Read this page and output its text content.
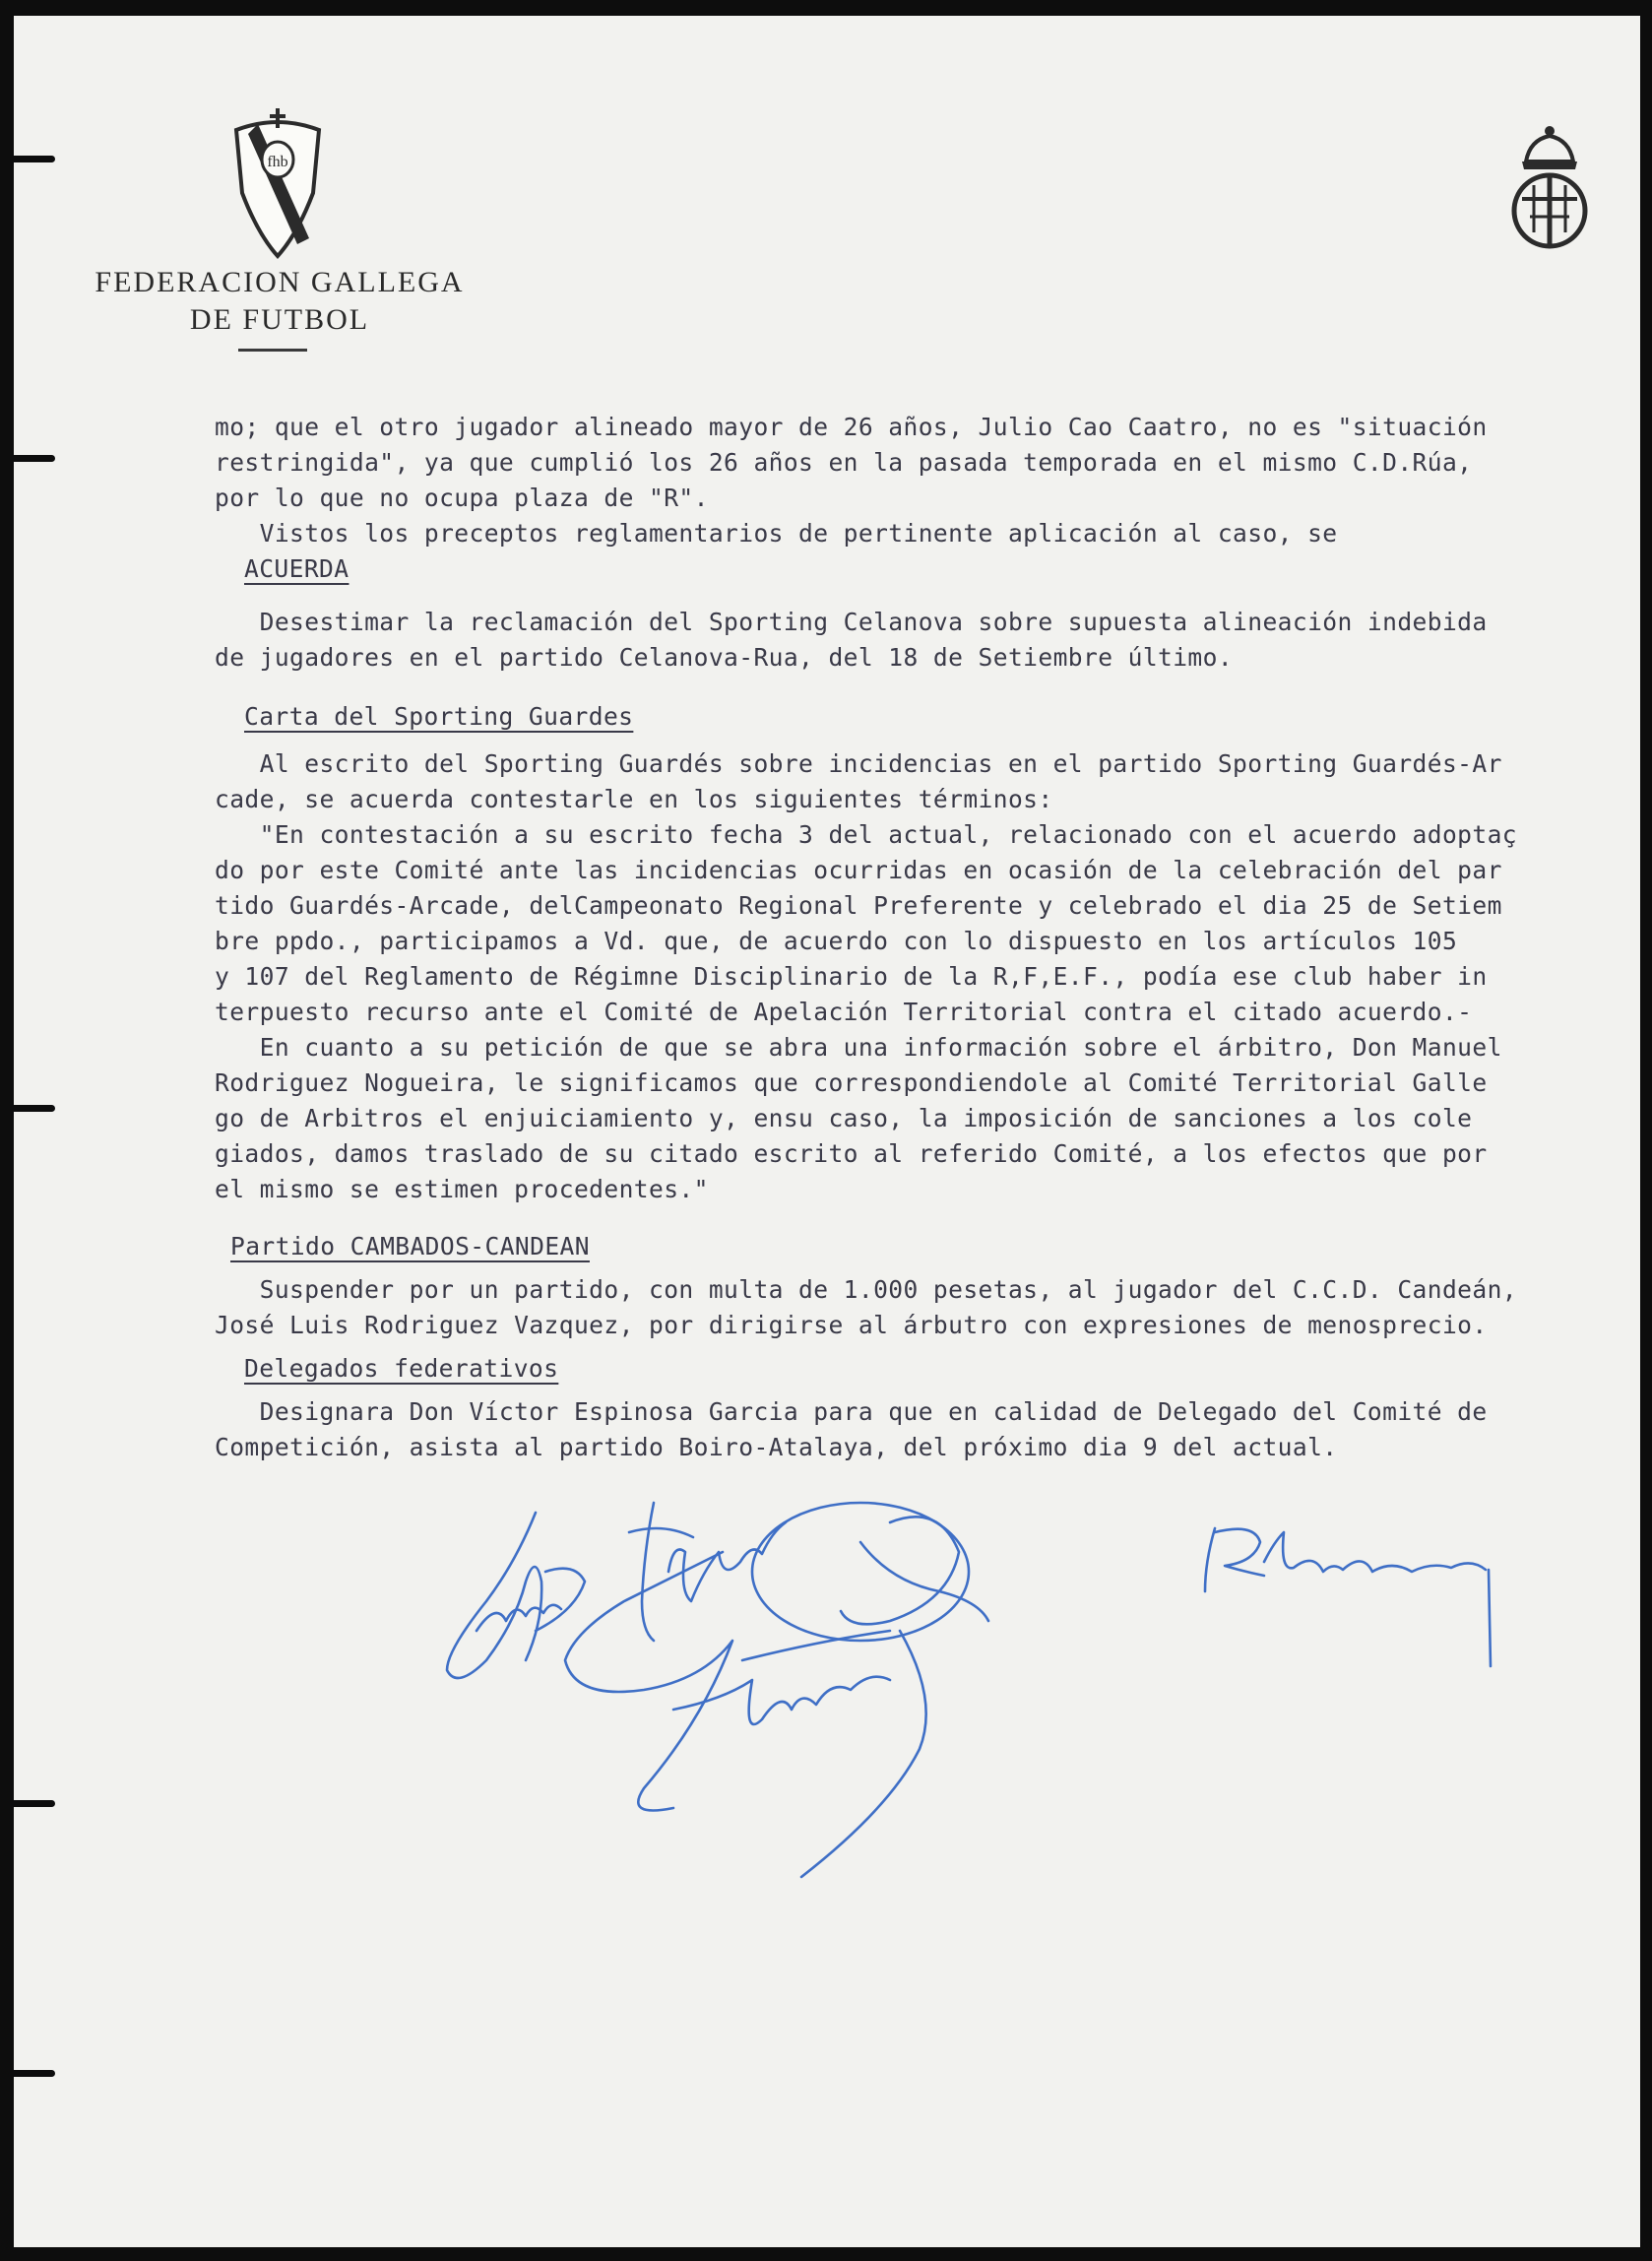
fhb
FEDERACION GALLEGA
DE FUTBOL
mo; que el otro jugador alineado mayor de 26 años, Julio Cao Caatro, no es "situación
restringida", ya que cumplió los 26 años en la pasada temporada en el mismo C.D.Rúa,
por lo que no ocupa plaza de "R".
Vistos los preceptos reglamentarios de pertinente aplicación al caso, se
ACUERDA
Desestimar la reclamación del Sporting Celanova sobre supuesta alineación indebida
de jugadores en el partido Celanova-Rua, del 18 de Setiembre último.
Carta del Sporting Guardes
Al escrito del Sporting Guardés sobre incidencias en el partido Sporting Guardés-Ar
cade, se acuerda contestarle en los siguientes términos:
"En contestación a su escrito fecha 3 del actual, relacionado con el acuerdo adoptaç
do por este Comité ante las incidencias ocurridas en ocasión de la celebración del par
tido Guardés-Arcade, delCampeonato Regional Preferente y celebrado el dia 25 de Setiem
bre ppdo., participamos a Vd. que, de acuerdo con lo dispuesto en los artículos 105
y 107 del Reglamento de Régimne Disciplinario de la R,F,E.F., podía ese club haber in
terpuesto recurso ante el Comité de Apelación Territorial contra el citado acuerdo.-
En cuanto a su petición de que se abra una información sobre el árbitro, Don Manuel
Rodriguez Nogueira, le significamos que correspondiendole al Comité Territorial Galle
go de Arbitros el enjuiciamiento y, ensu caso, la imposición de sanciones a los cole
giados, damos traslado de su citado escrito al referido Comité, a los efectos que por
el mismo se estimen procedentes."
Partido CAMBADOS-CANDEAN
Suspender por un partido, con multa de 1.000 pesetas, al jugador del C.C.D. Candeán,
José Luis Rodriguez Vazquez, por dirigirse al árbutro con expresiones de menosprecio.
Delegados federativos
Designara Don Víctor Espinosa Garcia para que en calidad de Delegado del Comité de
Competición, asista al partido Boiro-Atalaya, del próximo dia 9 del actual.
